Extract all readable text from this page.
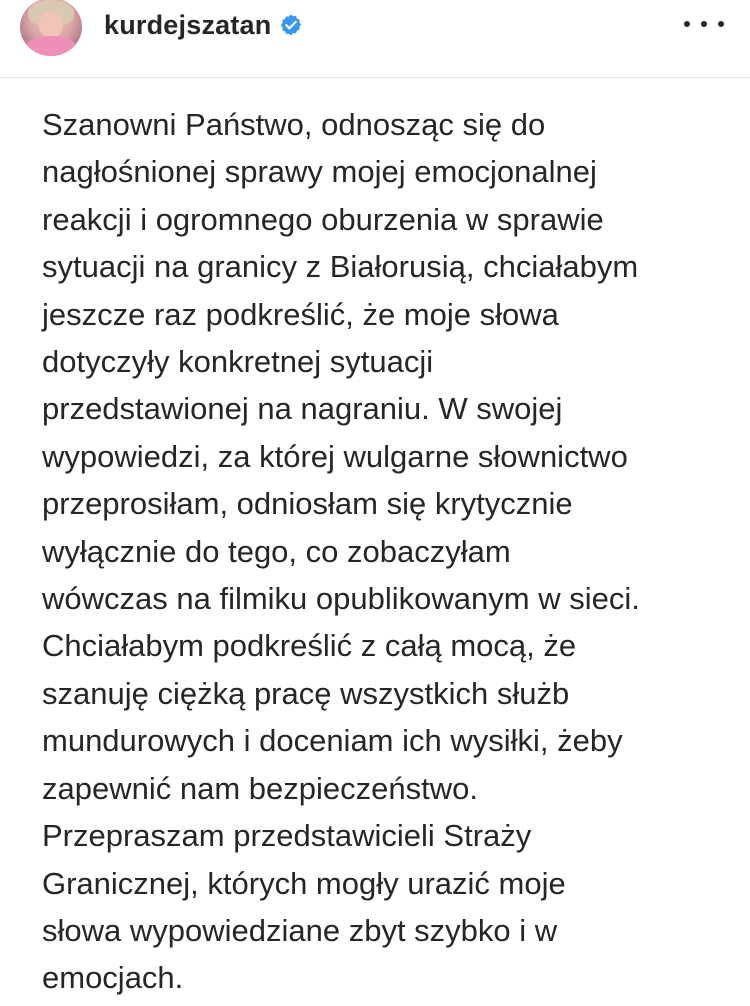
kurdejszatan

Szanowni Państwo, odnosząc się do
nagłośnionej sprawy mojej emocjonalnej
reakcji i ogromnego oburzenia w sprawie
sytuacji na granicy z Białorusią, chciałabym
jeszcze raz podkreślić, że moje słowa
dotyczyły konkretnej sytuacji
przedstawionej na nagraniu. W swojej
wypowiedzi, za której wulgarne słownictwo
przeprosiłam, odniosłam się krytycznie
wyłącznie do tego, co zobaczyłam
wówczas na filmiku opublikowanym w sieci.
Chciałabym podkreślić z całą mocą, że
szanuję ciężką pracę wszystkich służb
mundurowych i doceniam ich wysiłki, żeby
zapewnić nam bezpieczeństwo.
Przepraszam przedstawicieli Straży
Granicznej, których mogły urazić moje
słowa wypowiedziane zbyt szybko i w
emocjach.
